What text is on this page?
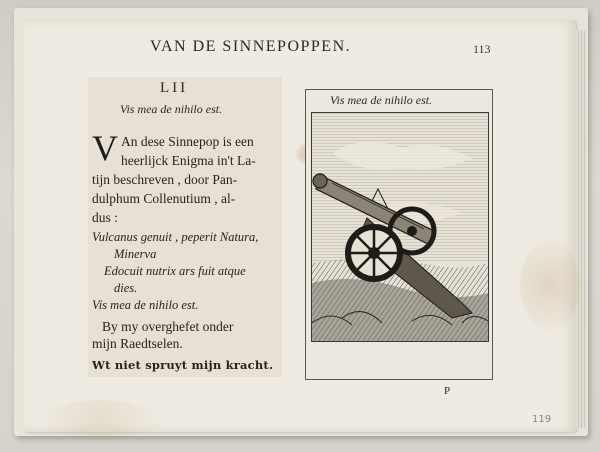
VAN DE SINNEPOPPEN.	113
LII
Vis mea de nihilo est.
V An dese Sinnepop is een
heerlijck Enigma in't La-
tijn beschreven , door Pan-
dulphum Collenutium , al-
dus :
Vulcanus genuit , peperit Natura,
Minerva
Edocuit nutrix ars fuit atque
dies.
Vis mea de nihilo est.
By my overghefet onder
mijn Raedtselen.
Wt niet spruyt mijn kracht.
Vis mea de nihilo est.
P
119
